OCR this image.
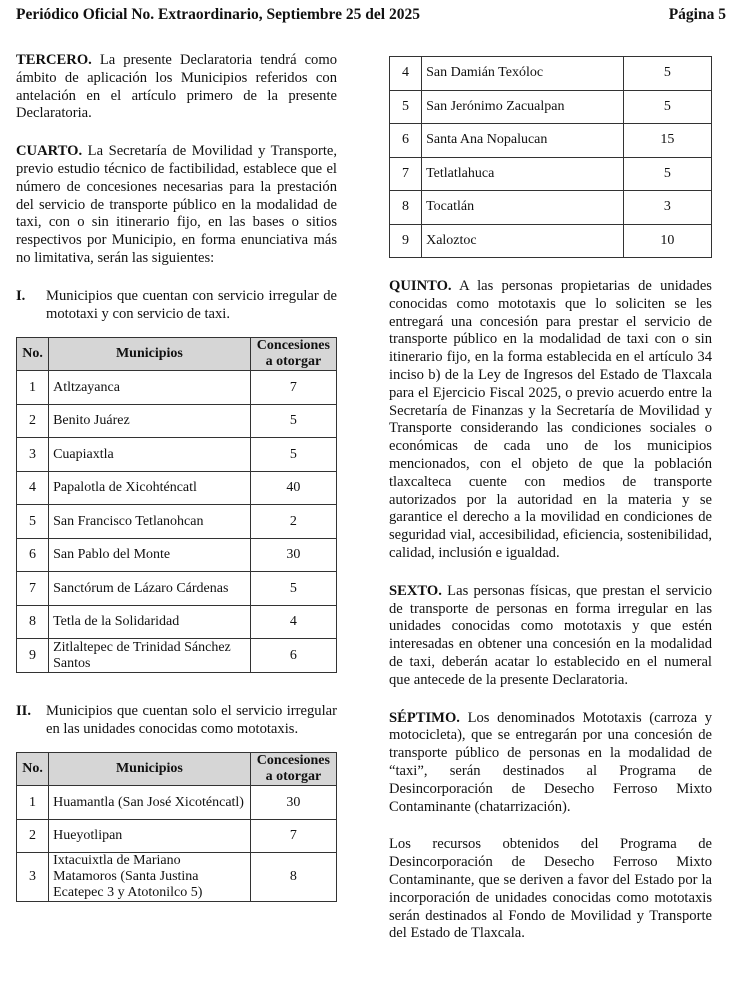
Periódico Oficial No. Extraordinario, Septiembre 25 del 2025	Página 5

TERCERO. La presente Declaratoria tendrá como ámbito de aplicación los Municipios referidos con antelación en el artículo primero de la presente Declaratoria.

CUARTO. La Secretaría de Movilidad y Transporte, previo estudio técnico de factibilidad, establece que el número de concesiones necesarias para la prestación del servicio de transporte público en la modalidad de taxi, con o sin itinerario fijo, en las bases o sitios respectivos por Municipio, en forma enunciativa más no limitativa, serán las siguientes:

I.	Municipios que cuentan con servicio irregular de mototaxi y con servicio de taxi.
No.	Municipios	Concesiones a otorgar
1	Atltzayanca	7
2	Benito Juárez	5
3	Cuapiaxtla	5
4	Papalotla de Xicohténcatl	40
5	San Francisco Tetlanohcan	2
6	San Pablo del Monte	30
7	Sanctórum de Lázaro Cárdenas	5
8	Tetla de la Solidaridad	4
9	Zitlaltepec de Trinidad Sánchez Santos	6
II.	Municipios que cuentan solo el servicio irregular en las unidades conocidas como mototaxis.
No.	Municipios	Concesiones a otorgar
1	Huamantla (San José Xicoténcatl)	30
2	Hueyotlipan	7
3	Ixtacuixtla de Mariano Matamoros (Santa Justina Ecatepec 3 y Atotonilco 5)	8
4	San Damián Texóloc	5
5	San Jerónimo Zacualpan	5
6	Santa Ana Nopalucan	15
7	Tetlatlahuca	5
8	Tocatlán	3
9	Xaloztoc	10

QUINTO. A las personas propietarias de unidades conocidas como mototaxis que lo soliciten se les entregará una concesión para prestar el servicio de transporte público en la modalidad de taxi con o sin itinerario fijo, en la forma establecida en el artículo 34 inciso b) de la Ley de Ingresos del Estado de Tlaxcala para el Ejercicio Fiscal 2025, o previo acuerdo entre la Secretaría de Finanzas y la Secretaría de Movilidad y Transporte considerando las condiciones sociales o económicas de cada uno de los municipios mencionados, con el objeto de que la población tlaxcalteca cuente con medios de transporte autorizados por la autoridad en la materia y se garantice el derecho a la movilidad en condiciones de seguridad vial, accesibilidad, eficiencia, sostenibilidad, calidad, inclusión e igualdad.

SEXTO. Las personas físicas, que prestan el servicio de transporte de personas en forma irregular en las unidades conocidas como mototaxis y que estén interesadas en obtener una concesión en la modalidad de taxi, deberán acatar lo establecido en el numeral que antecede de la presente Declaratoria.

SÉPTIMO. Los denominados Mototaxis (carroza y motocicleta), que se entregarán por una concesión de transporte público de personas en la modalidad de “taxi”, serán destinados al Programa de Desincorporación de Desecho Ferroso Mixto Contaminante (chatarrización).

Los recursos obtenidos del Programa de Desincorporación de Desecho Ferroso Mixto Contaminante, que se deriven a favor del Estado por la incorporación de unidades conocidas como mototaxis serán destinados al Fondo de Movilidad y Transporte del Estado de Tlaxcala.
